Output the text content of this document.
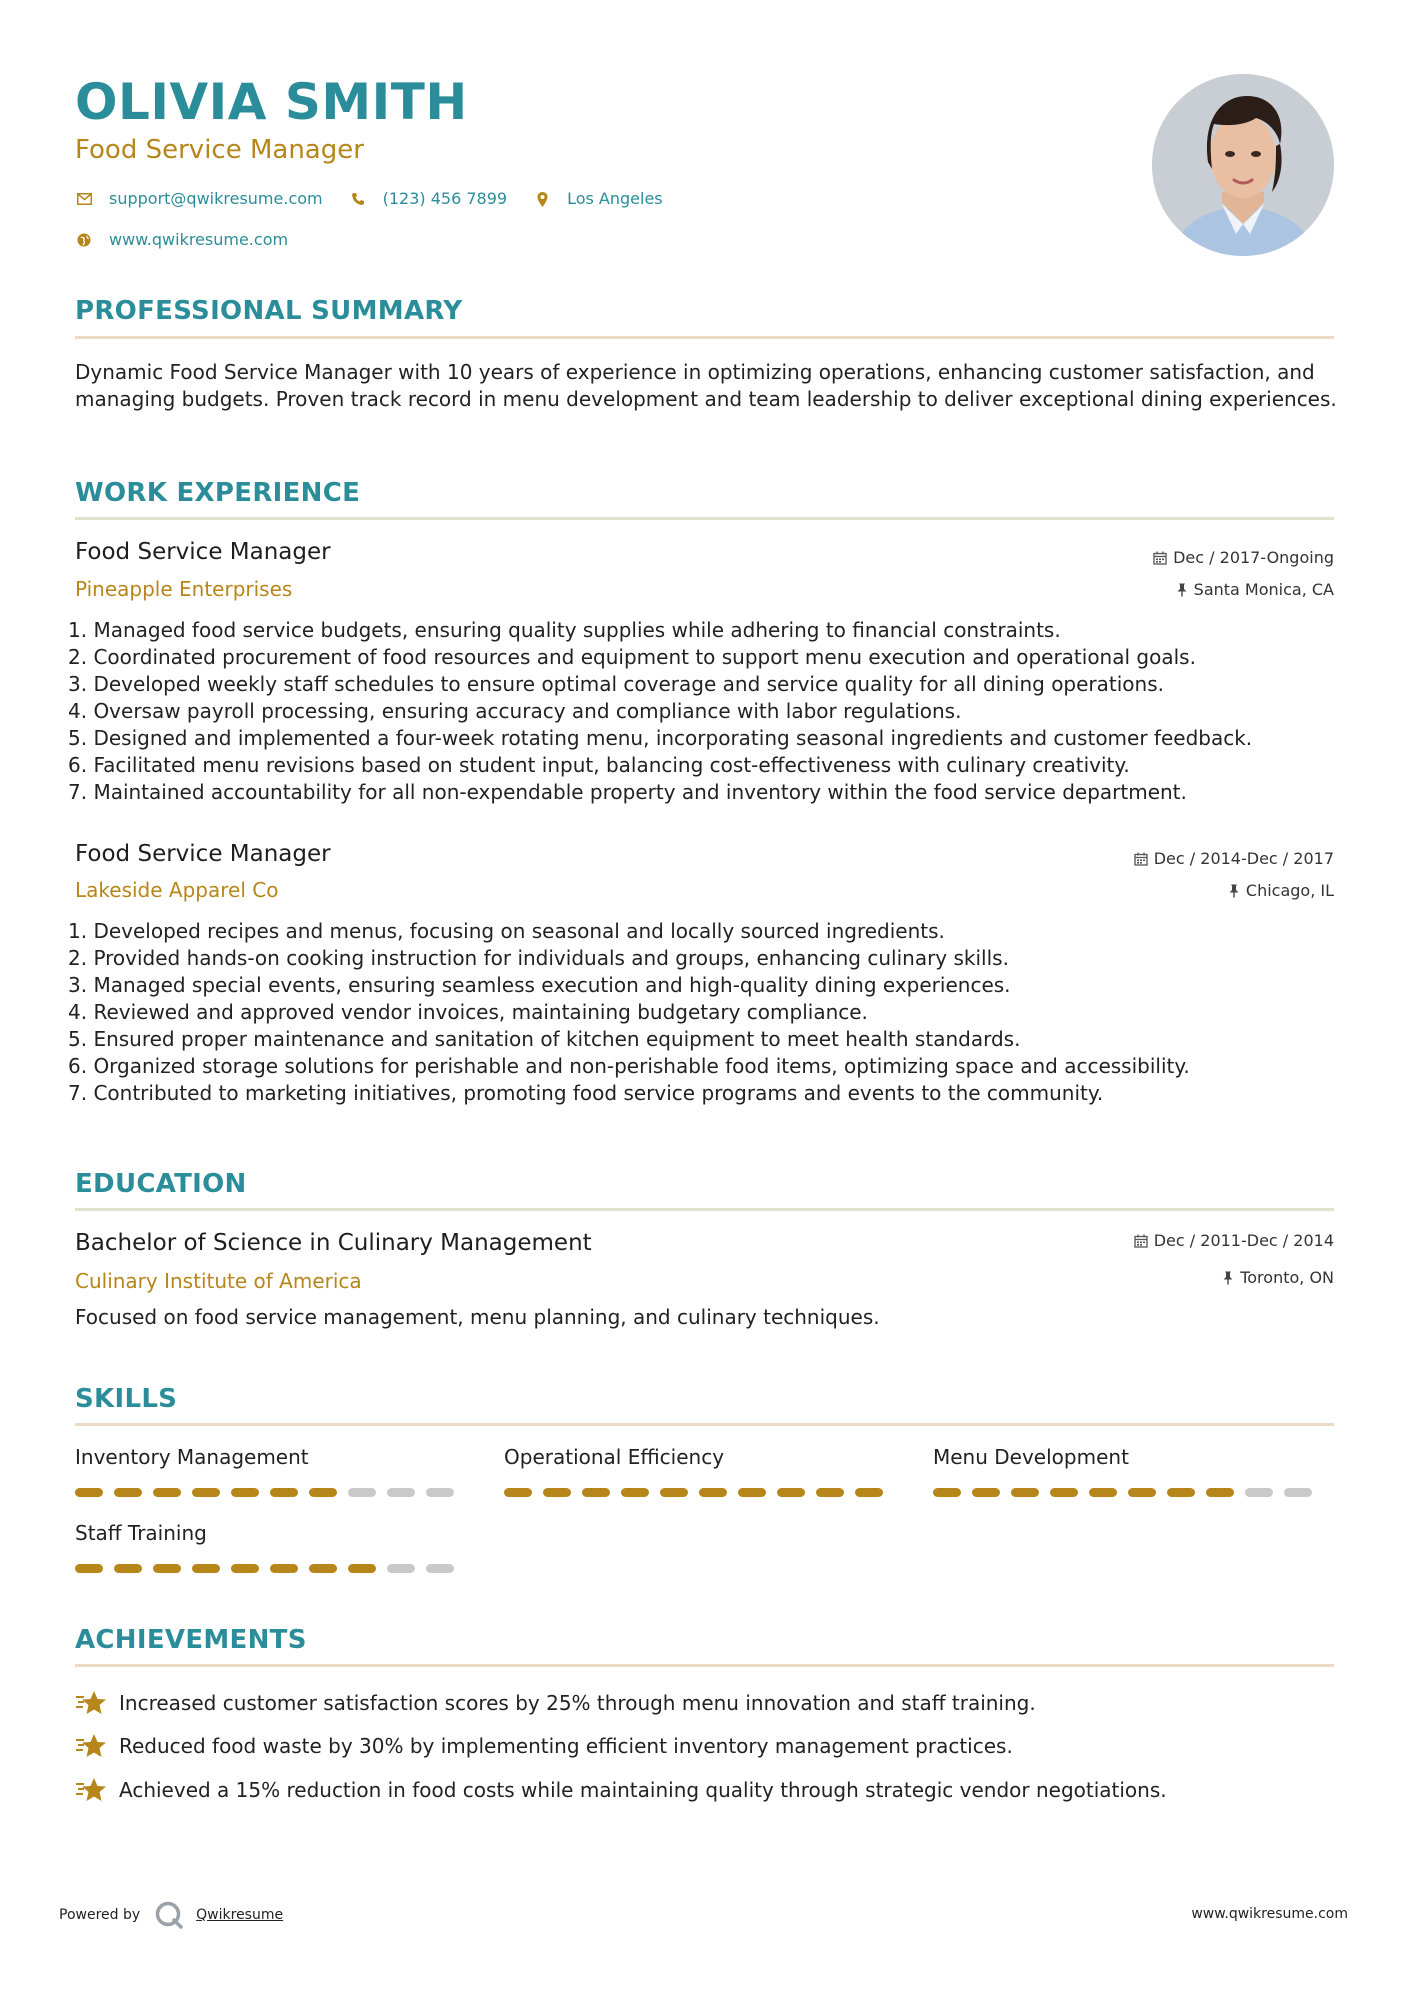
OLIVIA SMITH
Food Service Manager
support@qwikresume.com	(123) 456 7899	Los Angeles
www.qwikresume.com
PROFESSIONAL SUMMARY
Dynamic Food Service Manager with 10 years of experience in optimizing operations, enhancing customer satisfaction, and managing budgets. Proven track record in menu development and team leadership to deliver exceptional dining experiences.
WORK EXPERIENCE
Food Service Manager
Pineapple Enterprises
Dec / 2017-Ongoing
Santa Monica, CA
1. Managed food service budgets, ensuring quality supplies while adhering to financial constraints.
2. Coordinated procurement of food resources and equipment to support menu execution and operational goals.
3. Developed weekly staff schedules to ensure optimal coverage and service quality for all dining operations.
4. Oversaw payroll processing, ensuring accuracy and compliance with labor regulations.
5. Designed and implemented a four-week rotating menu, incorporating seasonal ingredients and customer feedback.
6. Facilitated menu revisions based on student input, balancing cost-effectiveness with culinary creativity.
7. Maintained accountability for all non-expendable property and inventory within the food service department.
Food Service Manager
Lakeside Apparel Co
Dec / 2014-Dec / 2017
Chicago, IL
1. Developed recipes and menus, focusing on seasonal and locally sourced ingredients.
2. Provided hands-on cooking instruction for individuals and groups, enhancing culinary skills.
3. Managed special events, ensuring seamless execution and high-quality dining experiences.
4. Reviewed and approved vendor invoices, maintaining budgetary compliance.
5. Ensured proper maintenance and sanitation of kitchen equipment to meet health standards.
6. Organized storage solutions for perishable and non-perishable food items, optimizing space and accessibility.
7. Contributed to marketing initiatives, promoting food service programs and events to the community.
EDUCATION
Bachelor of Science in Culinary Management
Culinary Institute of America
Dec / 2011-Dec / 2014
Toronto, ON
Focused on food service management, menu planning, and culinary techniques.
SKILLS
Inventory Management	Operational Efficiency	Menu Development
Staff Training
ACHIEVEMENTS
Increased customer satisfaction scores by 25% through menu innovation and staff training.
Reduced food waste by 30% by implementing efficient inventory management practices.
Achieved a 15% reduction in food costs while maintaining quality through strategic vendor negotiations.
Powered by	Qwikresume	www.qwikresume.com
